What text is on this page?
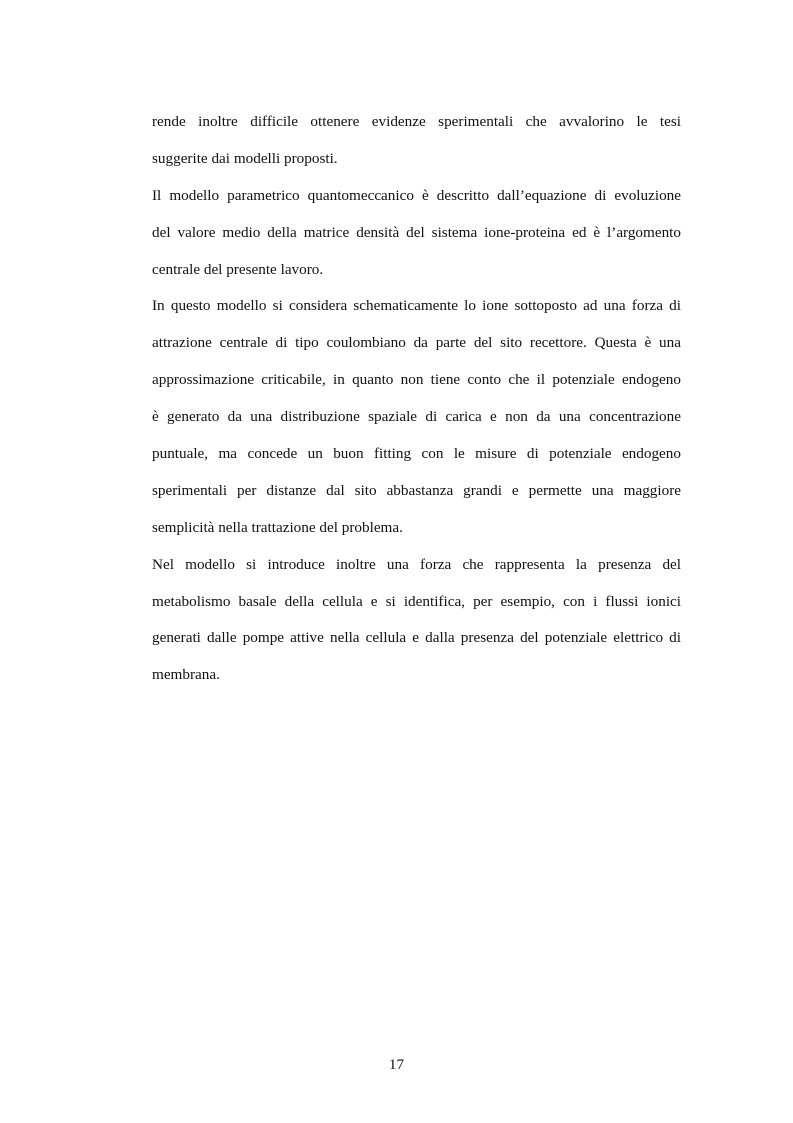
rende inoltre difficile ottenere evidenze sperimentali che avvalorino le tesi
suggerite dai modelli proposti.
Il modello parametrico quantomeccanico è descritto dall’equazione di evoluzione
del valore medio della matrice densità del sistema ione-proteina ed è l’argomento
centrale del presente lavoro.
In questo modello si considera schematicamente lo ione sottoposto ad una forza di
attrazione centrale di tipo coulombiano da parte del sito recettore. Questa è una
approssimazione criticabile, in quanto non tiene conto che il potenziale endogeno
è generato da una distribuzione spaziale di carica e non da una concentrazione
puntuale, ma concede un buon fitting con le misure di potenziale endogeno
sperimentali per distanze dal sito abbastanza grandi e permette una maggiore
semplicità nella trattazione del problema.
Nel modello si introduce inoltre una forza che rappresenta la presenza del
metabolismo basale della cellula e si identifica, per esempio, con i flussi ionici
generati dalle pompe attive nella cellula e dalla presenza del potenziale elettrico di
membrana.
17
